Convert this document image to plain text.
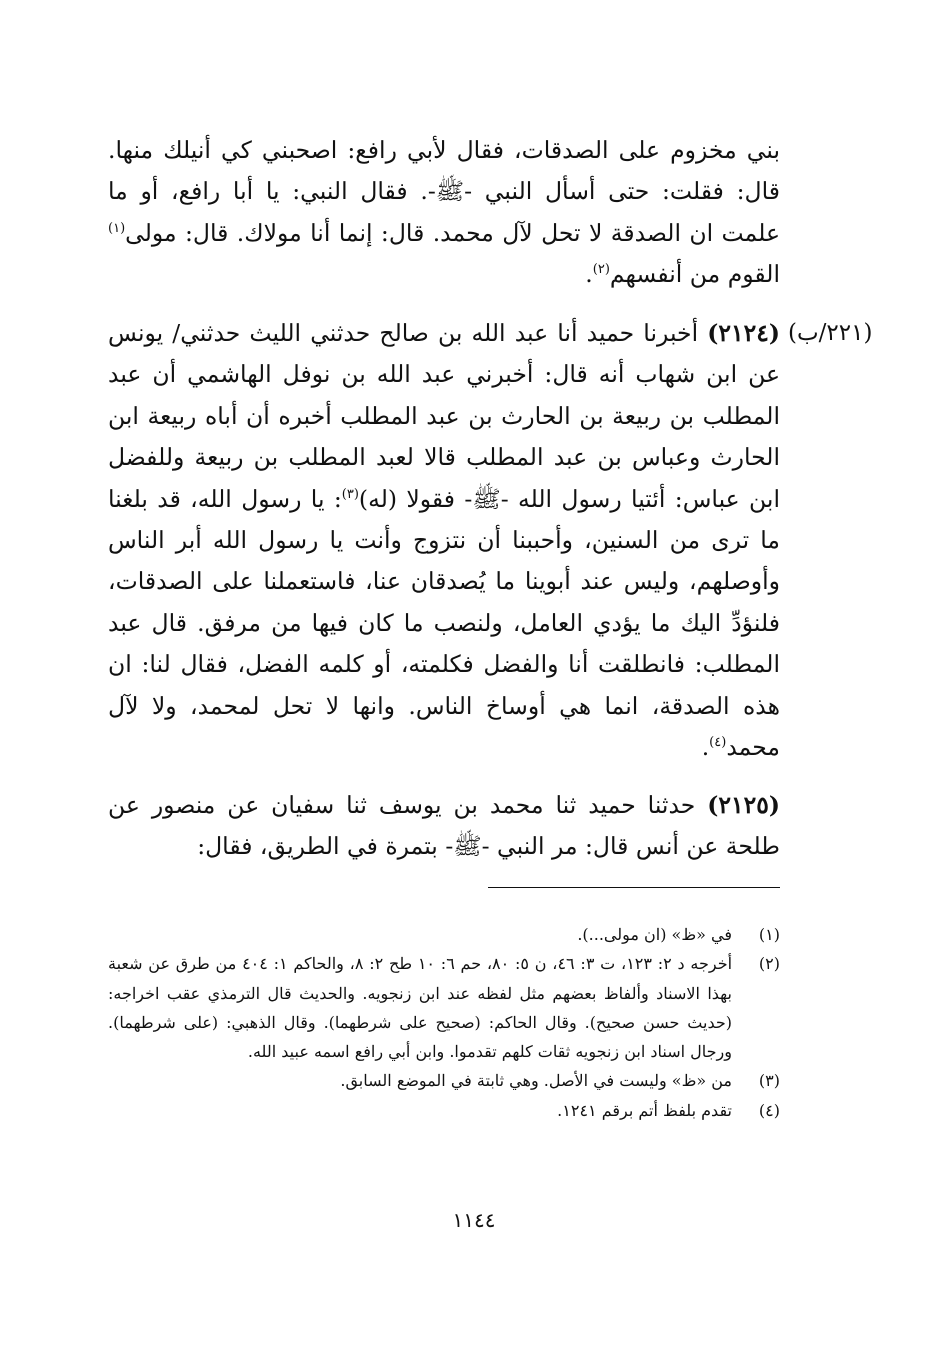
بني مخزوم على الصدقات، فقال لأبي رافع: اصحبني كي أنيلك منها. قال: فقلت: حتى أسأل النبي -ﷺ-. فقال النبي: يا أبا رافع، أو ما علمت ان الصدقة لا تحل لآل محمد. قال: إنما أنا مولاك. قال: مولى$^{(١)}$ القوم من أنفسهم$^{(٢)}$.

(٢٢١/ب)

(٢١٢٤) أخبرنا حميد أنا عبد الله بن صالح حدثني الليث حدثني/ يونس عن ابن شهاب أنه قال: أخبرني عبد الله بن نوفل الهاشمي أن عبد المطلب بن ربيعة بن الحارث بن عبد المطلب أخبره أن أباه ربيعة ابن الحارث وعباس بن عبد المطلب قالا لعبد المطلب بن ربيعة وللفضل ابن عباس: أئتيا رسول الله -ﷺ- فقولا (له)$^{(٣)}$: يا رسول الله، قد بلغنا ما ترى من السنين، وأحببنا أن نتزوج وأنت يا رسول الله أبر الناس وأوصلهم، وليس عند أبوينا ما يُصدقان عنا، فاستعملنا على الصدقات، فلنؤدِّ اليك ما يؤدي العامل، ولنصب ما كان فيها من مرفق. قال عبد المطلب: فانطلقت أنا والفضل فكلمته، أو كلمه الفضل، فقال لنا: ان هذه الصدقة، انما هي أوساخ الناس. وانها لا تحل لمحمد، ولا لآل محمد$^{(٤)}$.

(٢١٢٥) حدثنا حميد ثنا محمد بن يوسف ثنا سفيان عن منصور عن طلحة عن أنس قال: مر النبي -ﷺ- بتمرة في الطريق، فقال:

(١)
في «ظ» (ان مولى...).
(٢)
أخرجه د ٢: ١٢٣، ت ٣: ٤٦، ن ٥: ٨٠، حم ٦: ١٠ طح ٢: ٨، والحاكم ١: ٤٠٤ من طرق عن شعبة بهذا الاسناد وألفاظ بعضهم مثل لفظه عند ابن زنجويه. والحديث قال الترمذي عقب اخراجه: (حديث حسن صحيح). وقال الحاكم: (صحيح على شرطهما). وقال الذهبي: (على شرطهما). ورجال اسناد ابن زنجويه ثقات كلهم تقدموا. وابن أبي رافع اسمه عبيد الله.
(٣)
من «ظ» وليست في الأصل. وهي ثابتة في الموضع السابق.
(٤)
تقدم بلفظ أتم برقم ١٢٤١.
١١٤٤
